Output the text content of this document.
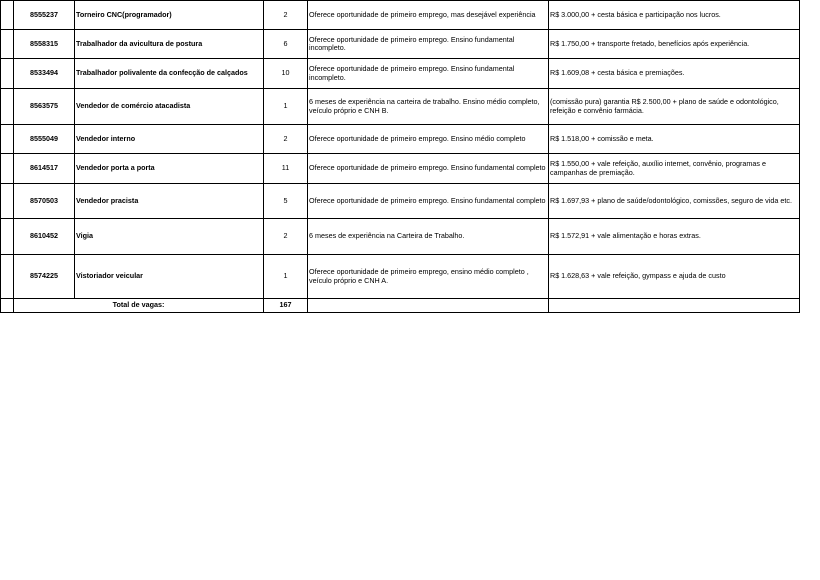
	8555237	Torneiro CNC(programador)	2	Oferece oportunidade de primeiro emprego, mas desejável experiência	R$ 3.000,00 + cesta básica e participação nos lucros.
	8558315	Trabalhador da avicultura de postura	6	Oferece oportunidade de primeiro emprego. Ensino fundamental incompleto.	R$ 1.750,00 + transporte fretado, benefícios após experiência.
	8533494	Trabalhador polivalente da confecção de calçados	10	Oferece oportunidade de primeiro emprego. Ensino fundamental incompleto.	R$ 1.609,08 + cesta básica e premiações.
	8563575	Vendedor de comércio atacadista	1	6 meses de experiência na carteira de trabalho. Ensino médio completo, veículo próprio e CNH B.	(comissão pura) garantia R$ 2.500,00 + plano de saúde e odontológico, refeição e convênio farmácia.
	8555049	Vendedor interno	2	Oferece oportunidade de primeiro emprego. Ensino médio completo	R$ 1.518,00 + comissão e meta.
	8614517	Vendedor porta a porta	11	Oferece oportunidade de primeiro emprego. Ensino fundamental completo	R$ 1.550,00 + vale refeição, auxílio internet, convênio, programas e campanhas de premiação.
	8570503	Vendedor pracista	5	Oferece oportunidade de primeiro emprego. Ensino fundamental completo	R$ 1.697,93 + plano de saúde/odontológico, comissões, seguro de vida etc.
	8610452	Vigia	2	6 meses de experiência na Carteira de Trabalho.	R$ 1.572,91 + vale alimentação e horas extras.
	8574225	Vistoriador veicular	1	Oferece oportunidade de primeiro emprego, ensino médio completo , veículo próprio e CNH A.	R$ 1.628,63 + vale refeição, gympass e ajuda de custo
	Total de vagas:		167		
